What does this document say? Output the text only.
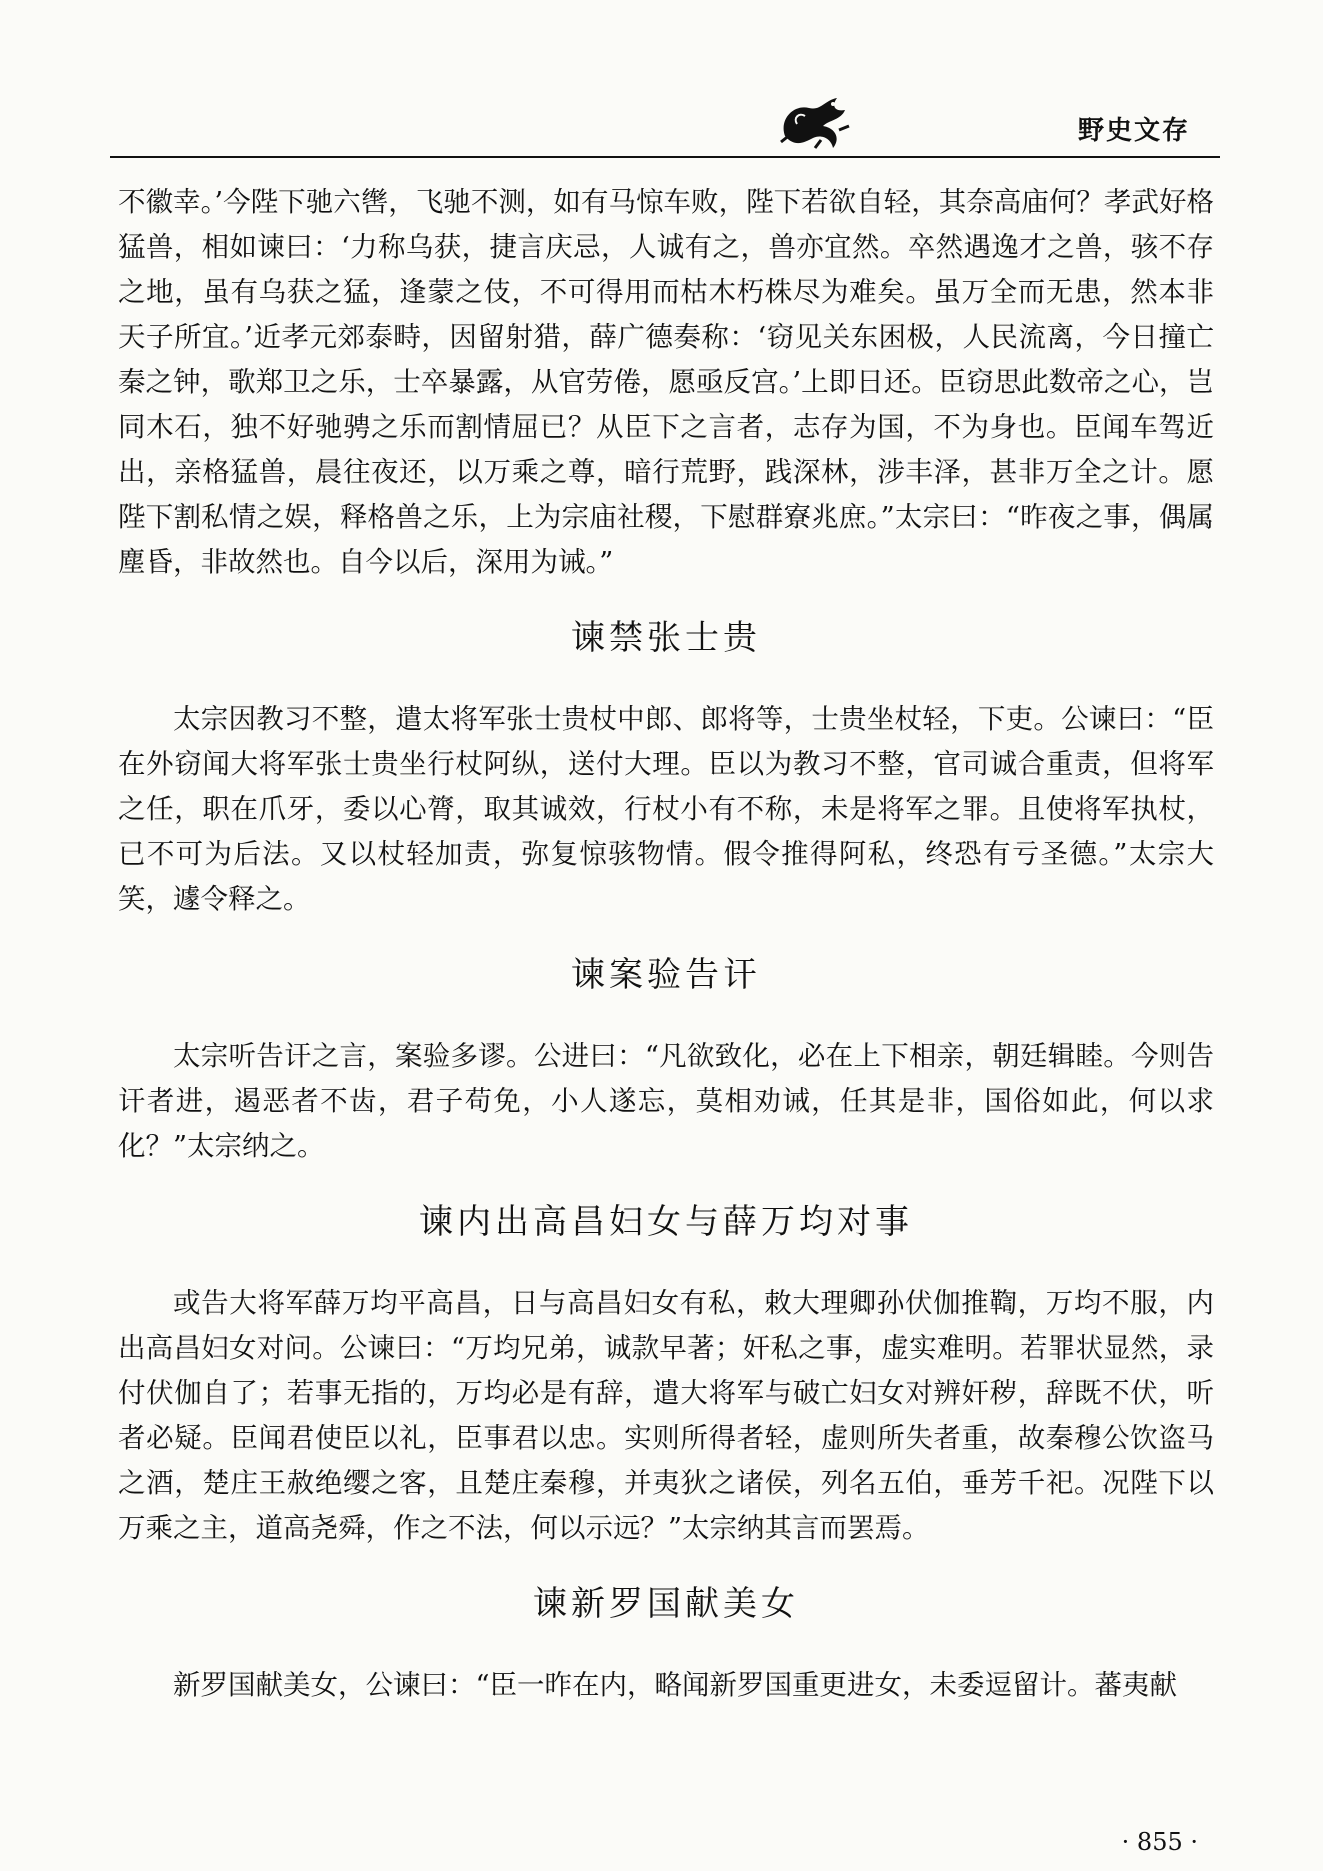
野史文存

不徽幸。’今陛下驰六辔，飞驰不测，如有马惊车败，陛下若欲自轻，其奈高庙何？孝武好格猛兽，相如谏曰：‘力称乌获，捷言庆忌，人诚有之，兽亦宜然。卒然遇逸才之兽，骇不存之地，虽有乌获之猛，逢蒙之伎，不可得用而枯木朽株尽为难矣。虽万全而无患，然本非天子所宜。’近孝元郊泰畤，因留射猎，薛广德奏称：‘窃见关东困极，人民流离，今日撞亡秦之钟，歌郑卫之乐，士卒暴露，从官劳倦，愿亟反宫。’上即日还。臣窃思此数帝之心，岂同木石，独不好驰骋之乐而割情屈已？从臣下之言者，志存为国，不为身也。臣闻车驾近出，亲格猛兽，晨往夜还，以万乘之尊，暗行荒野，践深林，涉丰泽，甚非万全之计。愿陛下割私情之娱，释格兽之乐，上为宗庙社稷，下慰群寮兆庶。”太宗曰：“昨夜之事，偶属塵昏，非故然也。自今以后，深用为诫。”

谏禁张士贵

太宗因教习不整，遣太将军张士贵杖中郎、郎将等，士贵坐杖轻，下吏。公谏曰：“臣在外窃闻大将军张士贵坐行杖阿纵，送付大理。臣以为教习不整，官司诚合重责，但将军之任，职在爪牙，委以心膂，取其诚效，行杖小有不称，未是将军之罪。且使将军执杖，已不可为后法。又以杖轻加责，弥复惊骇物情。假令推得阿私，终恐有亏圣德。”太宗大笑，遽令释之。

谏案验告讦

太宗听告讦之言，案验多谬。公进曰：“凡欲致化，必在上下相亲，朝廷辑睦。今则告讦者进，遏恶者不齿，君子苟免，小人遂忘，莫相劝诫，任其是非，国俗如此，何以求化？”太宗纳之。

谏内出高昌妇女与薛万均对事

或告大将军薛万均平高昌，日与高昌妇女有私，敕大理卿孙伏伽推鞫，万均不服，内出高昌妇女对问。公谏曰：“万均兄弟，诚款早著；奸私之事，虚实难明。若罪状显然，录付伏伽自了；若事无指的，万均必是有辞，遣大将军与破亡妇女对辨奸秽，辞既不伏，听者必疑。臣闻君使臣以礼，臣事君以忠。实则所得者轻，虚则所失者重，故秦穆公饮盗马之酒，楚庄王赦绝缨之客，且楚庄秦穆，并夷狄之诸侯，列名五伯，垂芳千祀。况陛下以万乘之主，道高尧舜，作之不法，何以示远？”太宗纳其言而罢焉。

谏新罗国献美女

新罗国献美女，公谏曰：“臣一昨在内，略闻新罗国重更进女，未委逗留计。蕃夷献

· 855 ·
